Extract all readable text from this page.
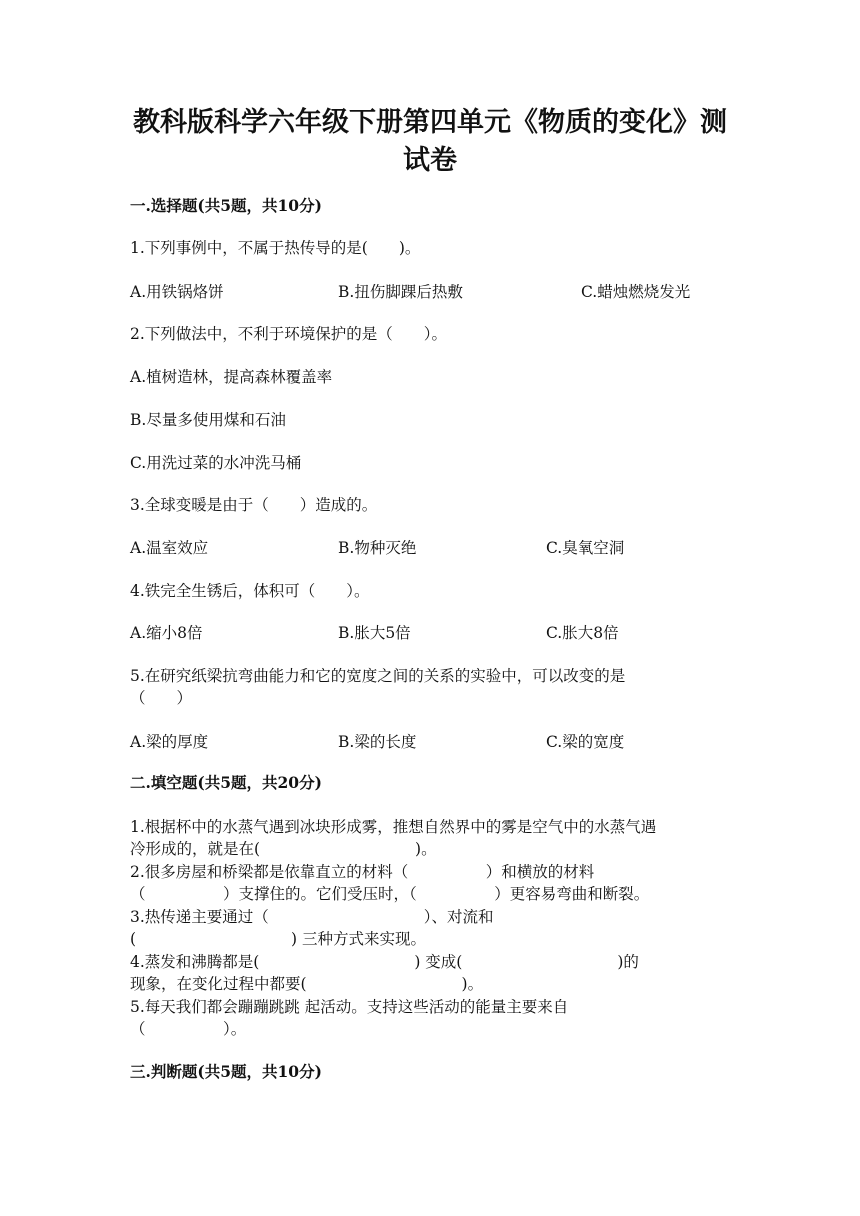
教科版科学六年级下册第四单元《物质的变化》测
试卷
一.选择题(共5题，共10分)
1.下列事例中，不属于热传导的是(　　)。
A.用铁锅烙饼	B.扭伤脚踝后热敷	C.蜡烛燃烧发光
2.下列做法中，不利于环境保护的是（　　）。
A.植树造林，提高森林覆盖率
B.尽量多使用煤和石油
C.用洗过菜的水冲洗马桶
3.全球变暖是由于（　　）造成的。
A.温室效应	B.物种灭绝	C.臭氧空洞
4.铁完全生锈后，体积可（　　）。
A.缩小8倍	B.胀大5倍	C.胀大8倍
5.在研究纸梁抗弯曲能力和它的宽度之间的关系的实验中，可以改变的是
（　　）
A.梁的厚度	B.梁的长度	C.梁的宽度
二.填空题(共5题，共20分)
1.根据杯中的水蒸气遇到冰块形成雾，推想自然界中的雾是空气中的水蒸气遇
冷形成的，就是在(　　　　　　　　　　)。
2.很多房屋和桥梁都是依靠直立的材料（　　　　　）和横放的材料
（　　　　　）支撑住的。它们受压时，（　　　　　）更容易弯曲和断裂。
3.热传递主要通过（　　　　　　　　　　）、对流和
(　　　　　　　　　　) 三种方式来实现。
4.蒸发和沸腾都是(　　　　　　　　　　) 变成(　　　　　　　　　　)的
现象，在变化过程中都要(　　　　　　　　　　)。
5.每天我们都会蹦蹦跳跳 起活动。支持这些活动的能量主要来自
（　　　　　）。
三.判断题(共5题，共10分)
